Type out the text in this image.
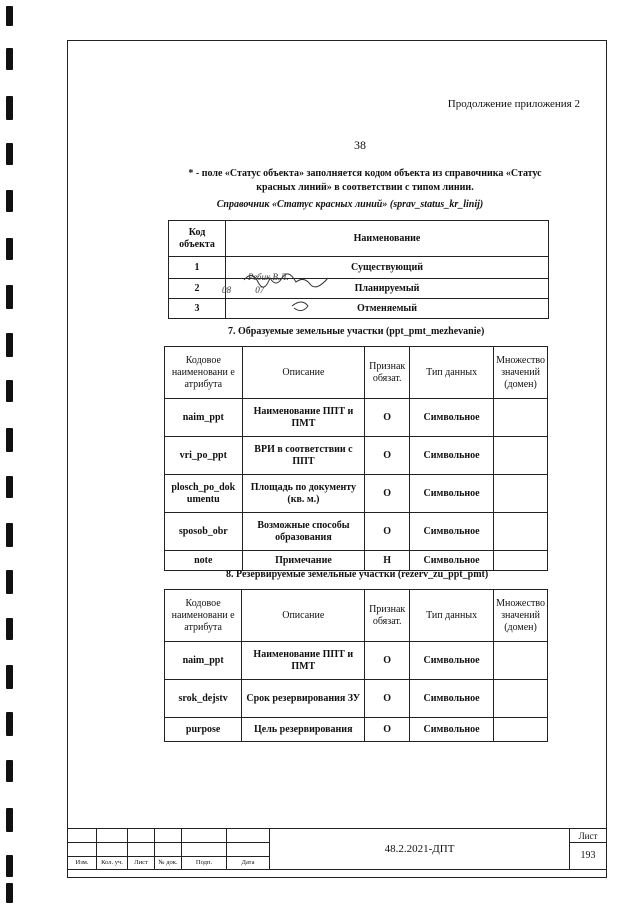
Продолжение приложения 2
38
* - поле «Статус объекта» заполняется кодом объекта из справочника «Статус
красных линий» в соответствии с типом линии.
Справочник «Статус красных линий» (sprav_status_kr_linij)
Код объекта	Наименование
1	Существующий
2	Планируемый
3	Отменяемый
08	07
Ребик В.Л.
7. Образуемые земельные участки (ppt_pmt_mezhevanie)
Кодовое наименовани е атрибута	Описание	Признак обязат.	Тип данных	Множество значений (домен)
naim_ppt	Наименование ППТ и ПМТ	О	Символьное	
vri_po_ppt	ВРИ в соответствии с ППТ	О	Символьное	
plosch_po_dok umentu	Площадь по документу (кв. м.)	О	Символьное	
sposob_obr	Возможные способы образования	О	Символьное	
note	Примечание	Н	Символьное	
8. Резервируемые земельные участки (rezerv_zu_ppt_pmt)
Кодовое наименовани е атрибута	Описание	Признак обязат.	Тип данных	Множество значений (домен)
naim_ppt	Наименование ППТ и ПМТ	О	Символьное	
srok_dejstv	Срок резервирования ЗУ	О	Символьное	
purpose	Цель резервирования	О	Символьное	
						48.2.2021-ДПТ	Лист
							193
Изм.	Кол. уч.	Лист	№ док.	Подп.	Дата		
